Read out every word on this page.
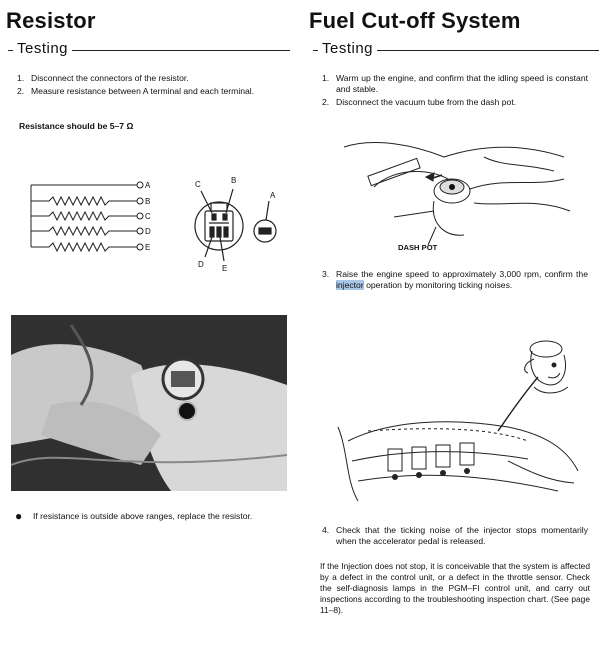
Resistor
Testing
1. Disconnect the connectors of the resistor.
2. Measure resistance between A terminal and each terminal.
Resistance should be 5–7 Ω
A
B
C
D
E
C	B
A
D E
●	If resistance is outside above ranges, replace the resistor.
Fuel Cut-off System
Testing
1. Warm up the engine, and confirm that the idling speed is constant and stable.
2. Disconnect the vacuum tube from the dash pot.
DASH POT
3. Raise the engine speed to approximately 3,000 rpm, confirm the injector operation by monitoring ticking noises.
4. Check that the ticking noise of the injector stops momentarily when the accelerator pedal is released.
If the Injection does not stop, it is conceivable that the system is affected by a defect in the control unit, or a defect in the throttle sensor. Check the self-diagnosis lamps in the PGM–FI control unit, and carry out inspections according to the troubleshooting inspection chart. (See page 11–8).
